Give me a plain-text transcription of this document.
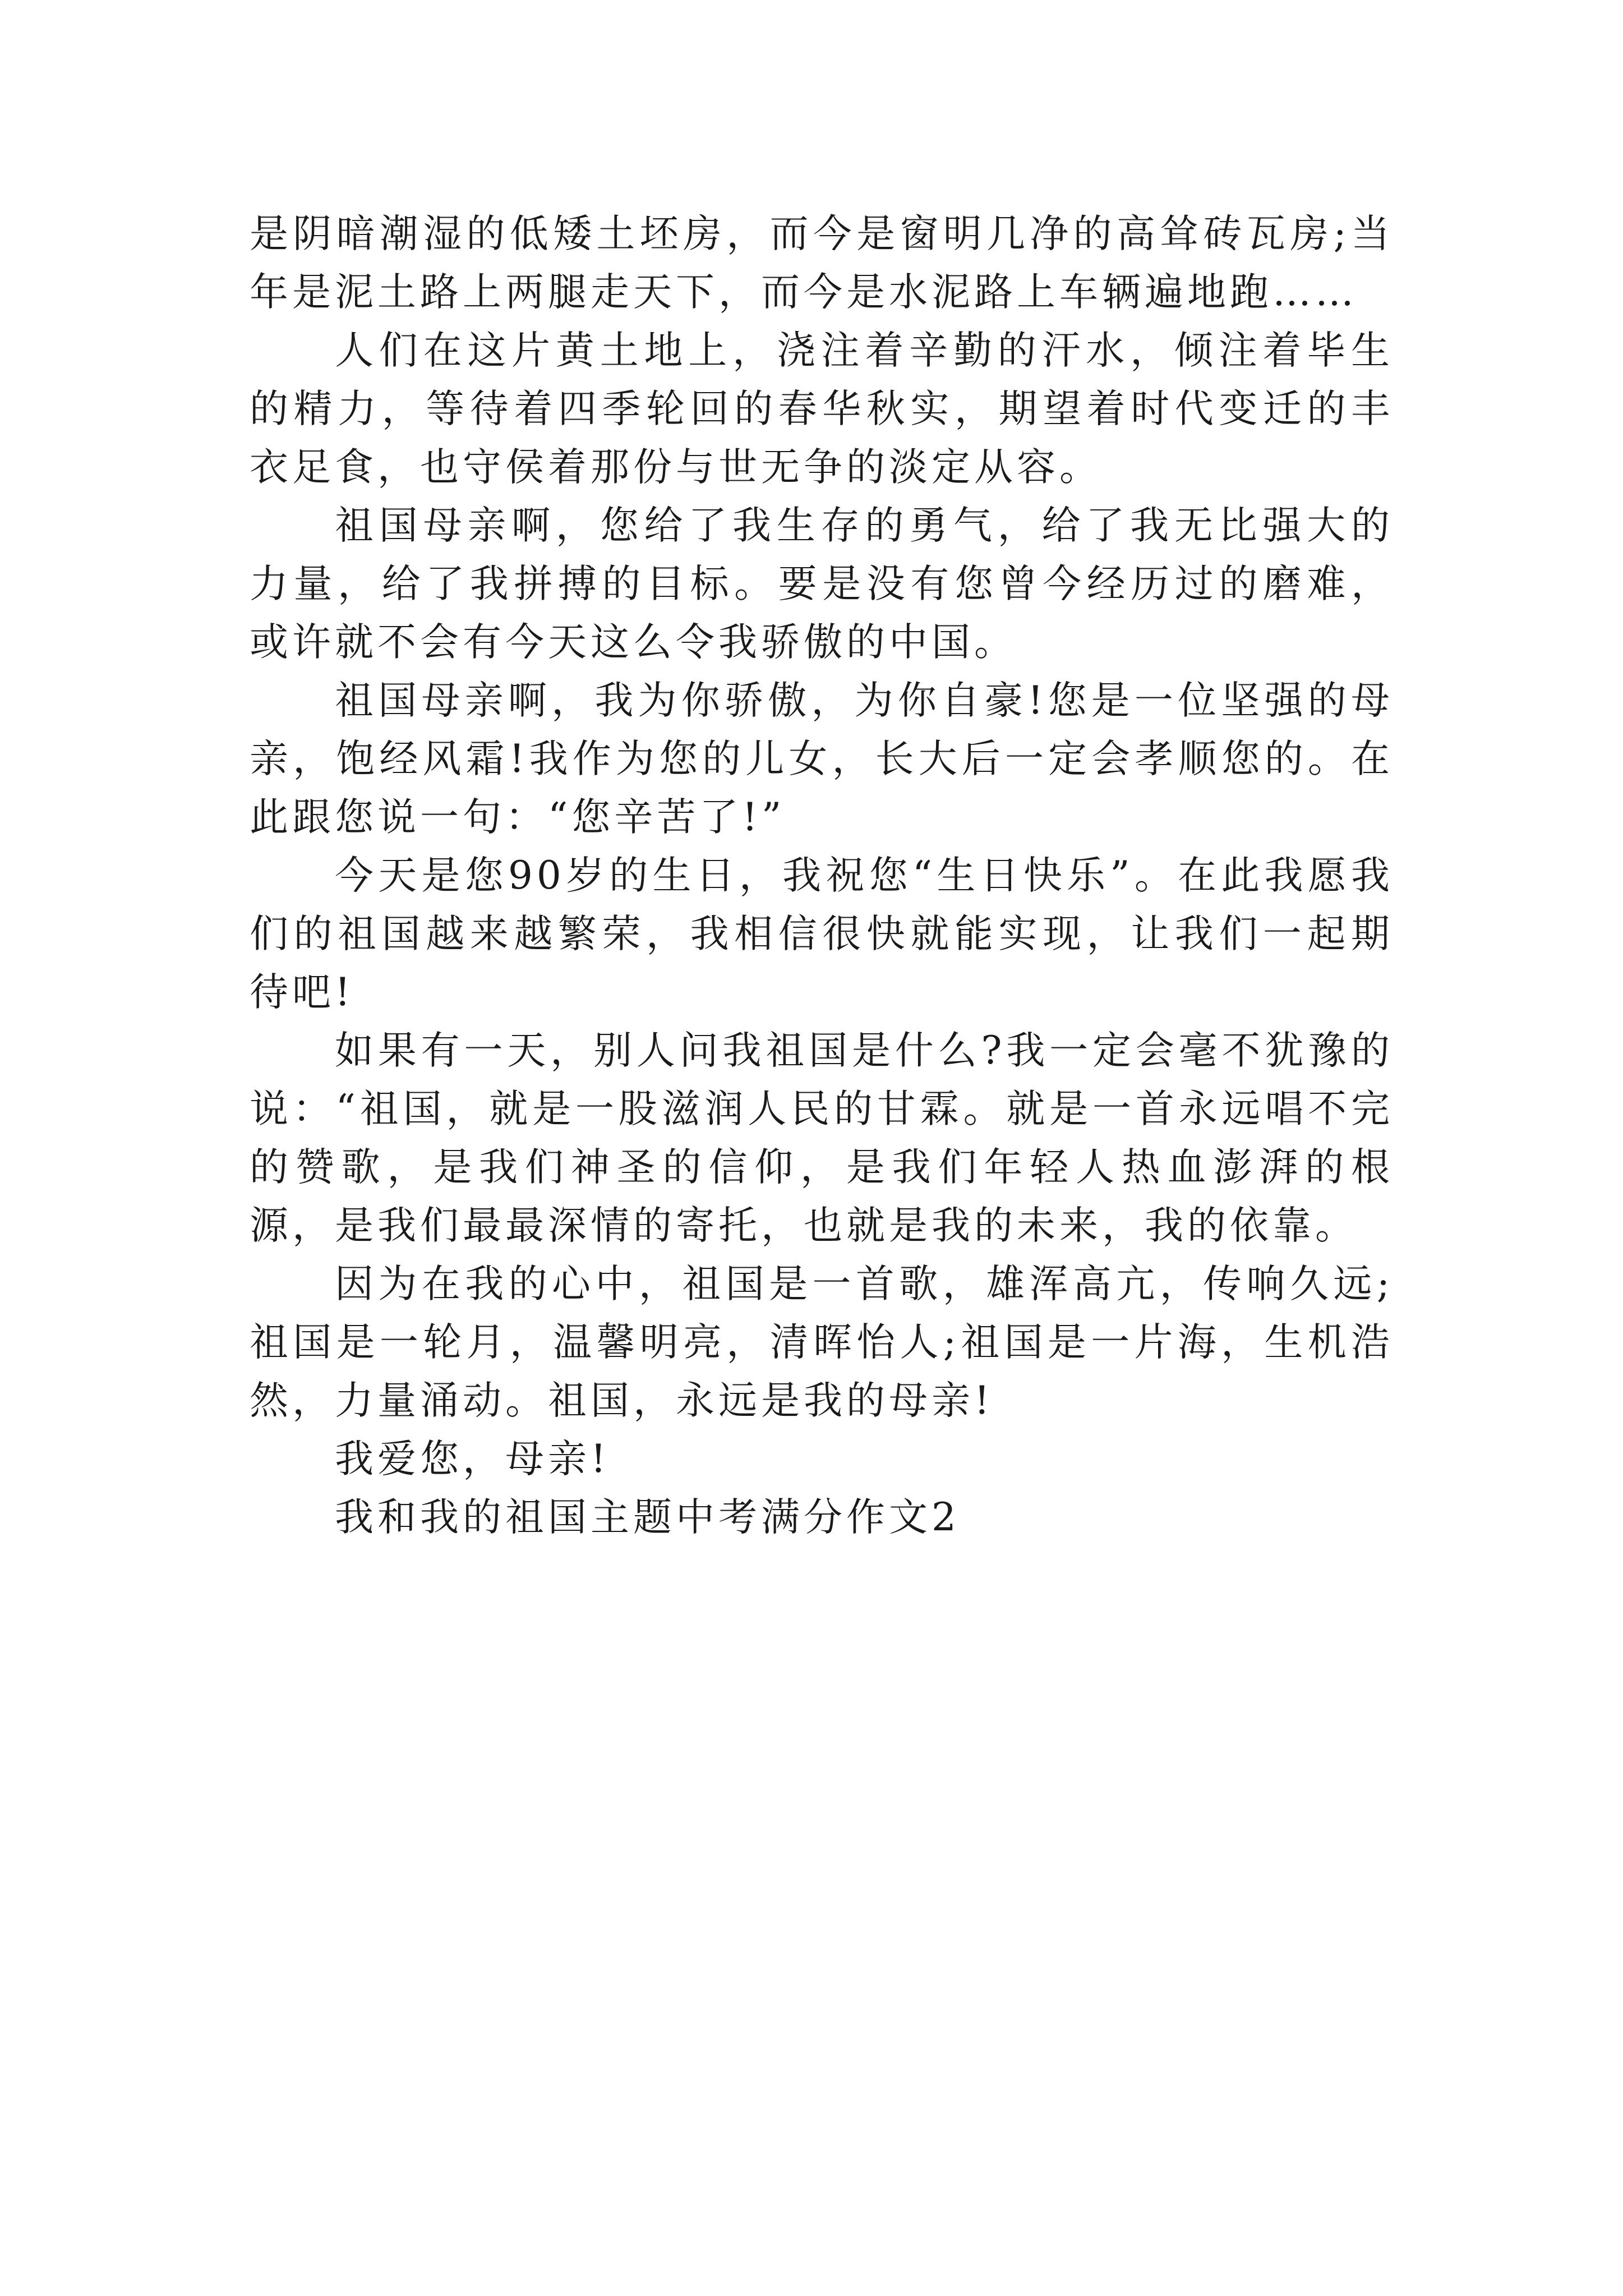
是阴暗潮湿的低矮土坯房，而今是窗明几净的高耸砖瓦房;当年是泥土路上两腿走天下，而今是水泥路上车辆遍地跑……

人们在这片黄土地上，浇注着辛勤的汗水，倾注着毕生的精力，等待着四季轮回的春华秋实，期望着时代变迁的丰衣足食，也守侯着那份与世无争的淡定从容。

祖国母亲啊，您给了我生存的勇气，给了我无比强大的力量，给了我拼搏的目标。要是没有您曾今经历过的磨难，或许就不会有今天这么令我骄傲的中国。

祖国母亲啊，我为你骄傲，为你自豪!您是一位坚强的母亲，饱经风霜!我作为您的儿女，长大后一定会孝顺您的。在此跟您说一句：“您辛苦了!”

今天是您90岁的生日，我祝您“生日快乐”。在此我愿我们的祖国越来越繁荣，我相信很快就能实现，让我们一起期待吧!

如果有一天，别人问我祖国是什么?我一定会毫不犹豫的说：“祖国，就是一股滋润人民的甘霖。就是一首永远唱不完的赞歌，是我们神圣的信仰，是我们年轻人热血澎湃的根源，是我们最最深情的寄托，也就是我的未来，我的依靠。

因为在我的心中，祖国是一首歌，雄浑高亢，传响久远;祖国是一轮月，温馨明亮，清晖怡人;祖国是一片海，生机浩然，力量涌动。祖国，永远是我的母亲!

我爱您，母亲!

我和我的祖国主题中考满分作文2
